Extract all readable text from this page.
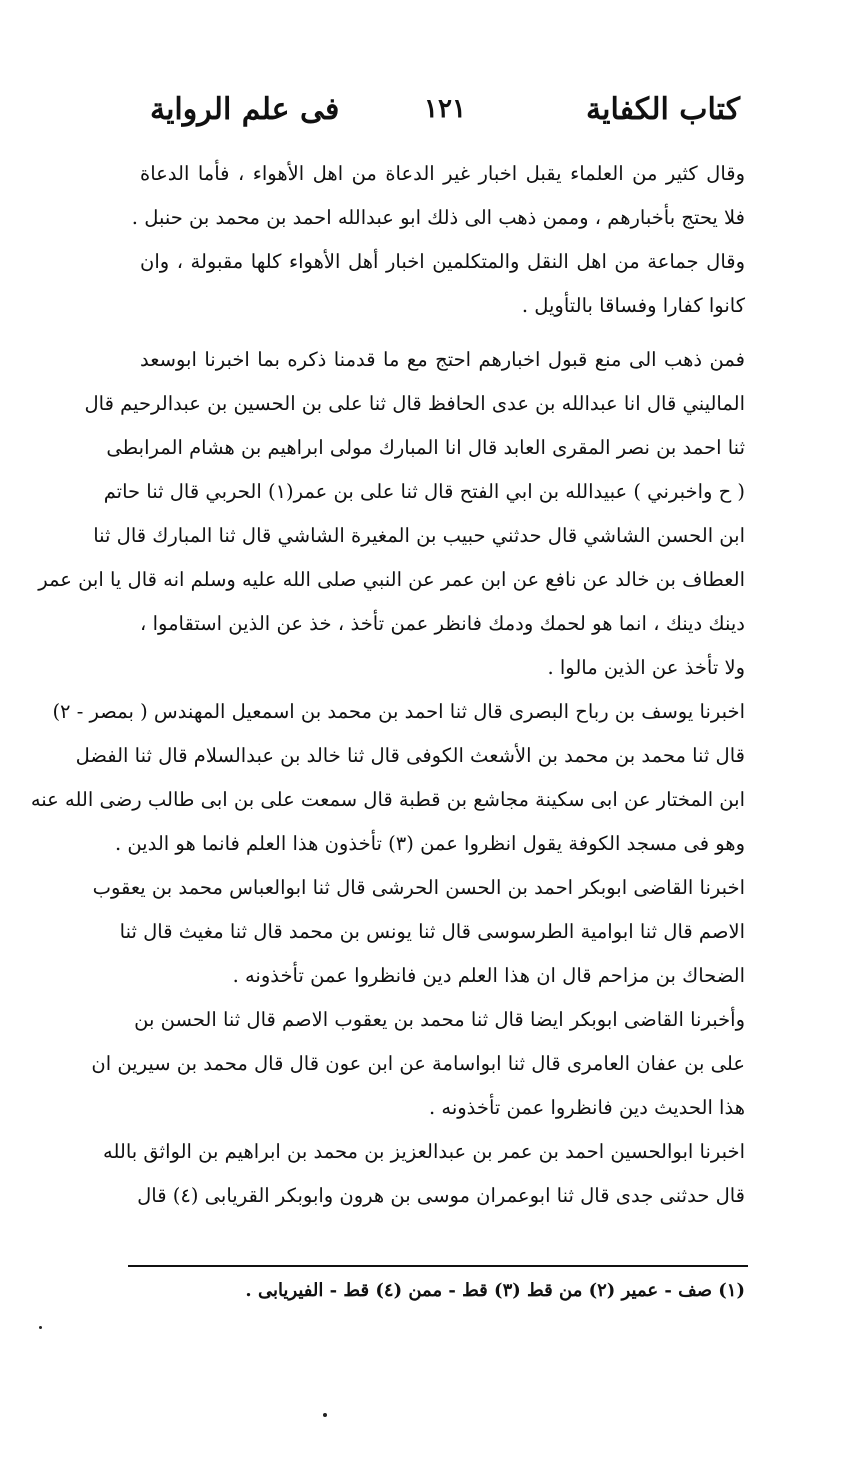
كتاب الكفاية
١٢١
فى علم الرواية
وقال كثير من العلماء يقبل اخبار غير الدعاة من اهل الأهواء ، فأما الدعاة
فلا يحتج بأخبارهم ، وممن ذهب الى ذلك ابو عبدالله احمد بن محمد بن حنبل .
وقال جماعة من اهل النقل والمتكلمين اخبار أهل الأهواء كلها مقبولة ، وان
كانوا كفارا وفساقا بالتأويل .
فمن ذهب الى منع قبول اخبارهم احتج مع ما قدمنا ذكره بما اخبرنا ابوسعد
الماليني قال انا عبدالله بن عدى الحافظ قال ثنا على بن الحسين بن عبدالرحيم قال
ثنا احمد بن نصر المقرى العابد قال انا المبارك مولى ابراهيم بن هشام المرابطى
( ح واخبرني ) عبيدالله بن ابي الفتح قال ثنا على بن عمر(١) الحربي قال ثنا حاتم
ابن الحسن الشاشي قال حدثني حبيب بن المغيرة الشاشي قال ثنا المبارك قال ثنا
العطاف بن خالد عن نافع عن ابن عمر عن النبي صلى الله عليه وسلم انه قال يا ابن عمر
دينك دينك ، انما هو لحمك ودمك فانظر عمن تأخذ ، خذ عن الذين استقاموا ،
ولا تأخذ عن الذين مالوا .
اخبرنا يوسف بن رباح البصرى قال ثنا احمد بن محمد بن اسمعيل المهندس ( بمصر - ٢)
قال ثنا محمد بن محمد بن الأشعث الكوفى قال ثنا خالد بن عبدالسلام قال ثنا الفضل
ابن المختار عن ابى سكينة مجاشع بن قطبة قال سمعت على بن ابى طالب رضى الله عنه
وهو فى مسجد الكوفة يقول انظروا عمن (٣) تأخذون هذا العلم فانما هو الدين .
اخبرنا القاضى ابوبكر احمد بن الحسن الحرشى قال ثنا ابوالعباس محمد بن يعقوب
الاصم قال ثنا ابوامية الطرسوسى قال ثنا يونس بن محمد قال ثنا مغيث قال ثنا
الضحاك بن مزاحم قال ان هذا العلم دين فانظروا عمن تأخذونه .
وأخبرنا القاضى ابوبكر ايضا قال ثنا محمد بن يعقوب الاصم قال ثنا الحسن بن
على بن عفان العامرى قال ثنا ابواسامة عن ابن عون قال قال محمد بن سيرين ان
هذا الحديث دين فانظروا عمن تأخذونه .
اخبرنا ابوالحسين احمد بن عمر بن عبدالعزيز بن محمد بن ابراهيم بن الواثق بالله
قال حدثنى جدى قال ثنا ابوعمران موسى بن هرون وابوبكر القريابى (٤) قال
(١) صف - عمير (٢) من قط (٣) قط - ممن (٤) قط - الفيريابى .
